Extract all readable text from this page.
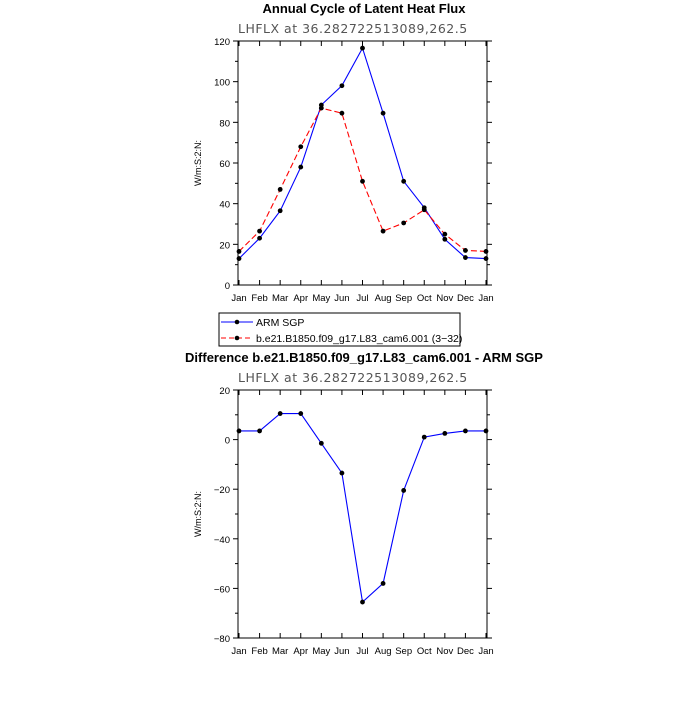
Annual Cycle of Latent Heat Flux
LHFLX at 36.282722513089,262.5
W/m:S:2:N:
Jan Feb Mar Apr May Jun Jul Aug Sep Oct Nov Dec Jan
0
20
40
60
80
100
120
ARM SGP
b.e21.B1850.f09_g17.L83_cam6.001 (3−32)
Difference b.e21.B1850.f09_g17.L83_cam6.001 - ARM SGP
LHFLX at 36.282722513089,262.5
W/m:S:2:N:
Jan Feb Mar Apr May Jun Jul Aug Sep Oct Nov Dec Jan
−80
−60
−40
−20
0
20
